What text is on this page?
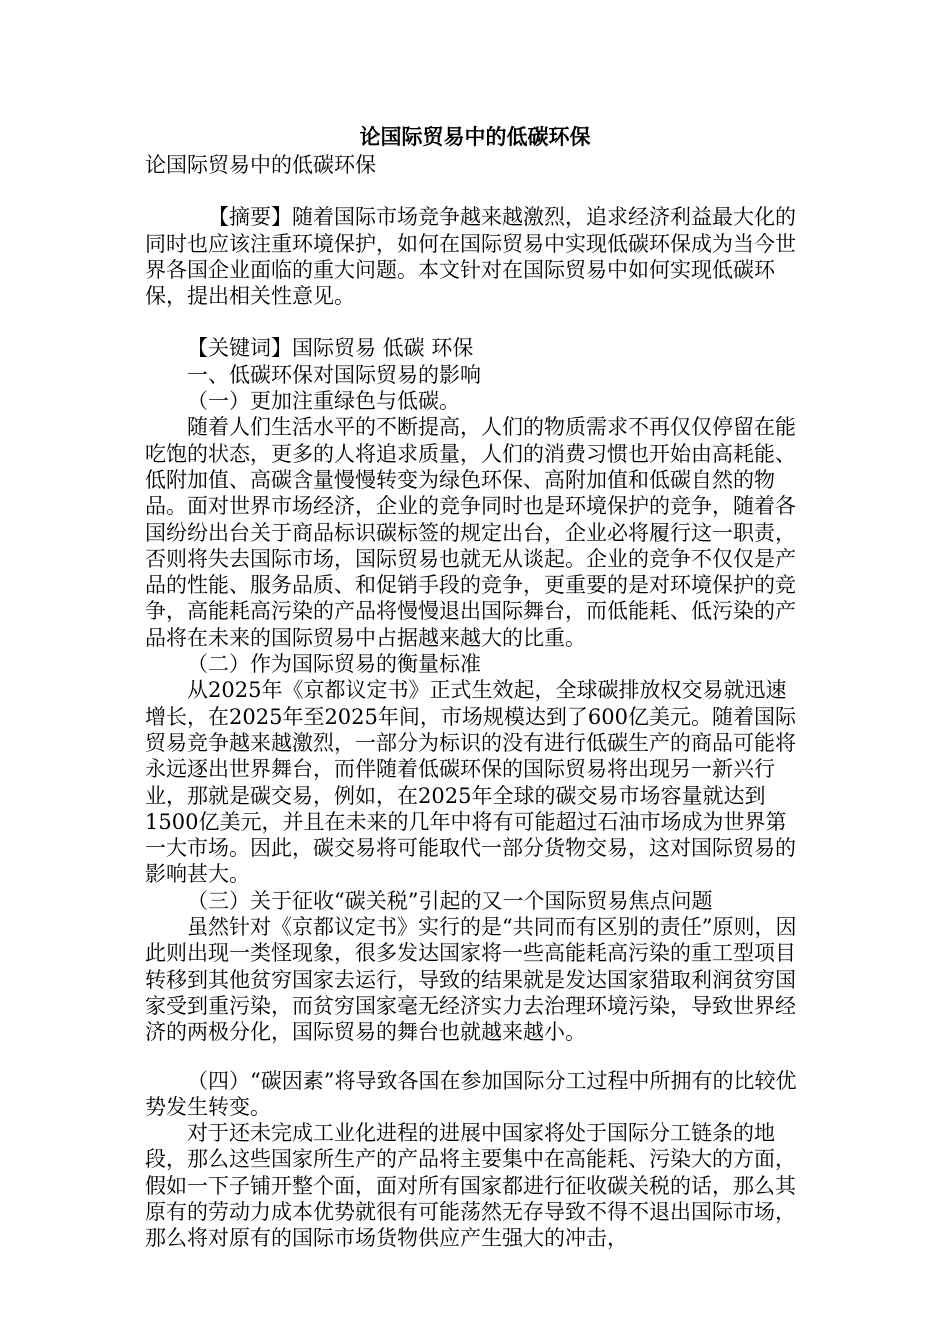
论国际贸易中的低碳环保

论国际贸易中的低碳环保

【摘要】随着国际市场竞争越来越激烈，追求经济利益最大化的同时也应该注重环境保护，如何在国际贸易中实现低碳环保成为当今世界各国企业面临的重大问题。本文针对在国际贸易中如何实现低碳环保，提出相关性意见。

【关键词】国际贸易 低碳 环保

一、低碳环保对国际贸易的影响

（一）更加注重绿色与低碳。

随着人们生活水平的不断提高，人们的物质需求不再仅仅停留在能吃饱的状态，更多的人将追求质量，人们的消费习惯也开始由高耗能、低附加值、高碳含量慢慢转变为绿色环保、高附加值和低碳自然的物品。面对世界市场经济，企业的竞争同时也是环境保护的竞争，随着各国纷纷出台关于商品标识碳标签的规定出台，企业必将履行这一职责，否则将失去国际市场，国际贸易也就无从谈起。企业的竞争不仅仅是产品的性能、服务品质、和促销手段的竞争，更重要的是对环境保护的竞争，高能耗高污染的产品将慢慢退出国际舞台，而低能耗、低污染的产品将在未来的国际贸易中占据越来越大的比重。

（二）作为国际贸易的衡量标准

从2025年《京都议定书》正式生效起，全球碳排放权交易就迅速增长，在2025年至2025年间，市场规模达到了600亿美元。随着国际贸易竞争越来越激烈，一部分为标识的没有进行低碳生产的商品可能将永远逐出世界舞台，而伴随着低碳环保的国际贸易将出现另一新兴行业，那就是碳交易，例如，在2025年全球的碳交易市场容量就达到1500亿美元，并且在未来的几年中将有可能超过石油市场成为世界第一大市场。因此，碳交易将可能取代一部分货物交易，这对国际贸易的影响甚大。

（三）关于征收“碳关税”引起的又一个国际贸易焦点问题

虽然针对《京都议定书》实行的是“共同而有区别的责任”原则，因此则出现一类怪现象，很多发达国家将一些高能耗高污染的重工型项目转移到其他贫穷国家去运行，导致的结果就是发达国家猎取利润贫穷国家受到重污染，而贫穷国家毫无经济实力去治理环境污染，导致世界经济的两极分化，国际贸易的舞台也就越来越小。

（四）“碳因素”将导致各国在参加国际分工过程中所拥有的比较优势发生转变。

对于还未完成工业化进程的进展中国家将处于国际分工链条的地段，那么这些国家所生产的产品将主要集中在高能耗、污染大的方面，假如一下子铺开整个面，面对所有国家都进行征收碳关税的话，那么其原有的劳动力成本优势就很有可能荡然无存导致不得不退出国际市场，那么将对原有的国际市场货物供应产生强大的冲击，
